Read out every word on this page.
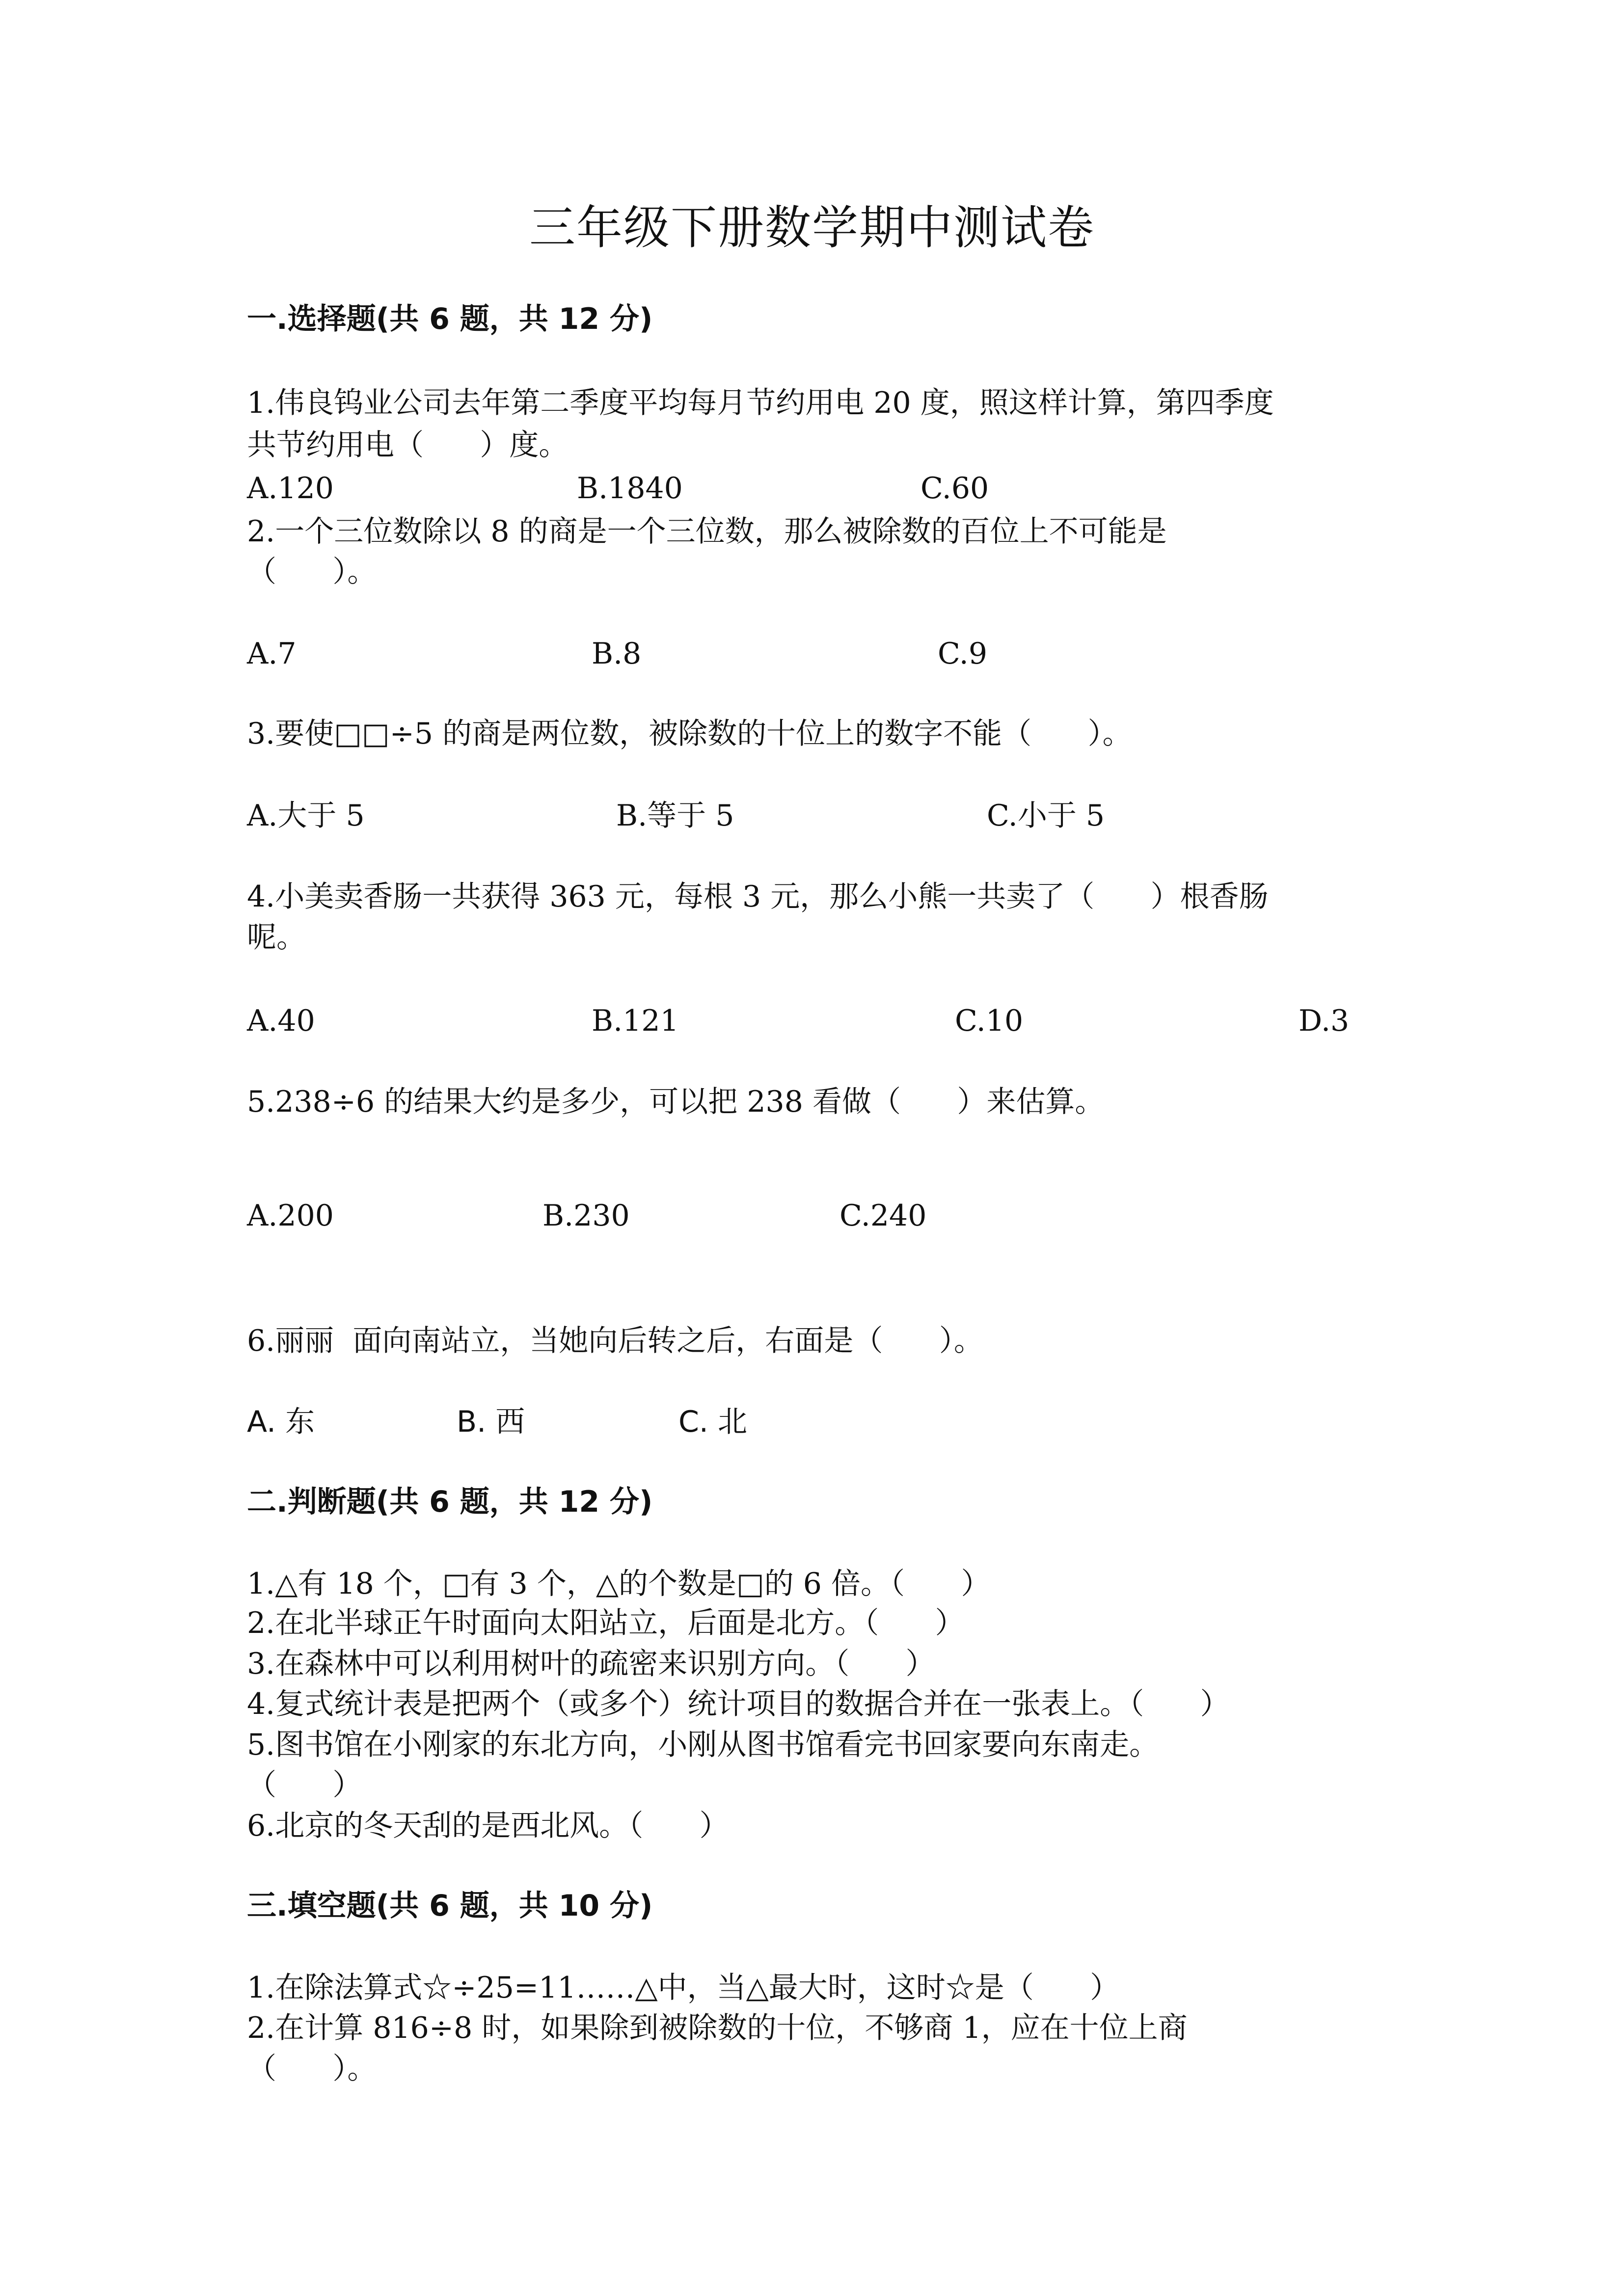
三年级下册数学期中测试卷
一.选择题(共 6 题，共 12 分)
1.伟良钨业公司去年第二季度平均每月节约用电 20 度，照这样计算，第四季度
共节约用电（      ）度。
A.120	B.1840	C.60
2.一个三位数除以 8 的商是一个三位数，那么被除数的百位上不可能是
（      ）。
A.7	B.8	C.9
3.要使□□÷5 的商是两位数，被除数的十位上的数字不能（      ）。
A.大于 5	B.等于 5	C.小于 5
4.小美卖香肠一共获得 363 元，每根 3 元，那么小熊一共卖了（      ）根香肠
呢。
A.40	B.121	C.10	D.3
5.238÷6 的结果大约是多少，可以把 238 看做（      ）来估算。
A.200	B.230	C.240
6.丽丽  面向南站立，当她向后转之后，右面是（      ）。
A. 东	B. 西	C. 北
二.判断题(共 6 题，共 12 分)
1.△有 18 个，□有 3 个，△的个数是□的 6 倍。（      ）
2.在北半球正午时面向太阳站立，后面是北方。（      ）
3.在森林中可以利用树叶的疏密来识别方向。（      ）
4.复式统计表是把两个（或多个）统计项目的数据合并在一张表上。（      ）
5.图书馆在小刚家的东北方向，小刚从图书馆看完书回家要向东南走。
（      ）
6.北京的冬天刮的是西北风。（      ）
三.填空题(共 6 题，共 10 分)
1.在除法算式☆÷25=11……△中，当△最大时，这时☆是（      ）
2.在计算 816÷8 时，如果除到被除数的十位，不够商 1，应在十位上商
（      ）。
